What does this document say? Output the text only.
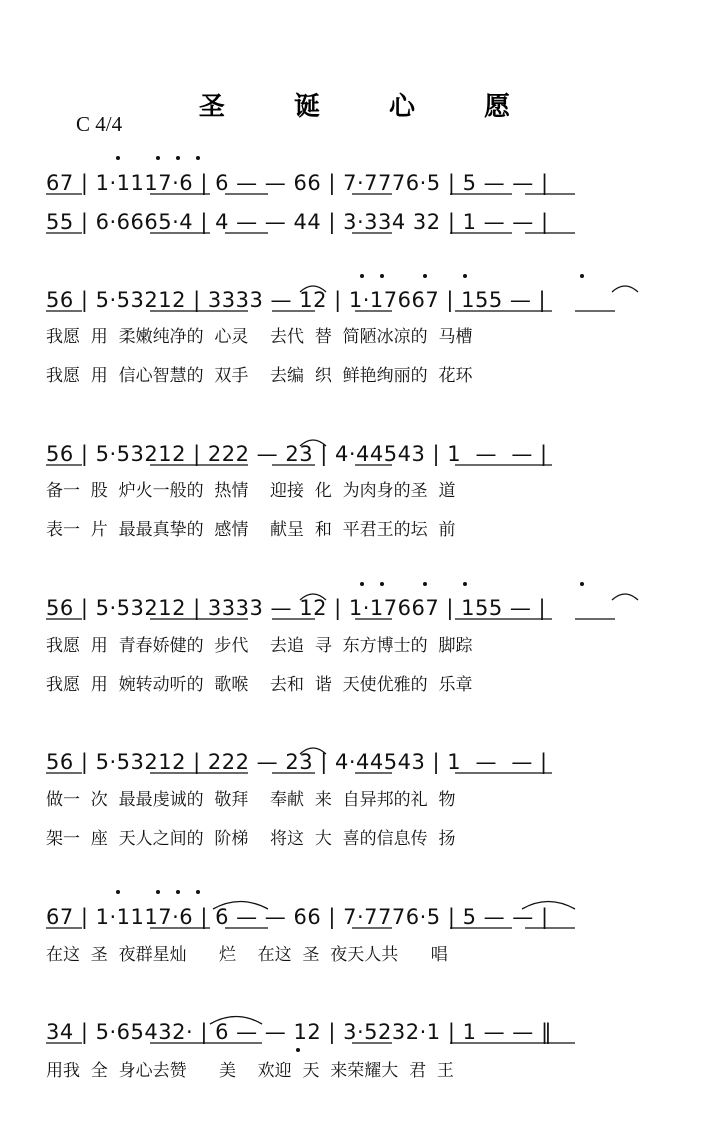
圣 诞 心 愿
C 4/4
67 | 1·1117·6 | 6 — — 66 | 7·7776·5 | 5 — — |
55 | 6·6665·4 | 4 — — 44 | 3·334 32 | 1 — — |
56 | 5·53212 | 3333 — 12 | 1·17667 | 155 — |
我愿  用  柔嫩纯净的  心灵    去代  替  简陋冰凉的  马槽
我愿  用  信心智慧的  双手    去编  织  鲜艳绚丽的  花环
56 | 5·53212 | 222 — 23 | 4·44543 | 1  —  — |
备一  股  炉火一般的  热情    迎接  化  为肉身的圣  道
表一  片  最最真挚的  感情    献呈  和  平君王的坛  前
56 | 5·53212 | 3333 — 12 | 1·17667 | 155 — |
我愿  用  青春娇健的  步代    去追  寻  东方博士的  脚踪
我愿  用  婉转动听的  歌喉    去和  谐  天使优雅的  乐章
56 | 5·53212 | 222 — 23 | 4·44543 | 1  —  — |
做一  次  最最虔诚的  敬拜    奉献  来  自异邦的礼  物
架一  座  天人之间的  阶梯    将这  大  喜的信息传  扬
67 | 1·1117·6 | 6 — — 66 | 7·7776·5 | 5 — — |
在这  圣  夜群星灿      烂    在这  圣  夜天人共      唱
34 | 5·65432· | 6 — — 12 | 3·5232·1 | 1 — — ‖
用我  全  身心去赞      美    欢迎  天  来荣耀大  君  王
